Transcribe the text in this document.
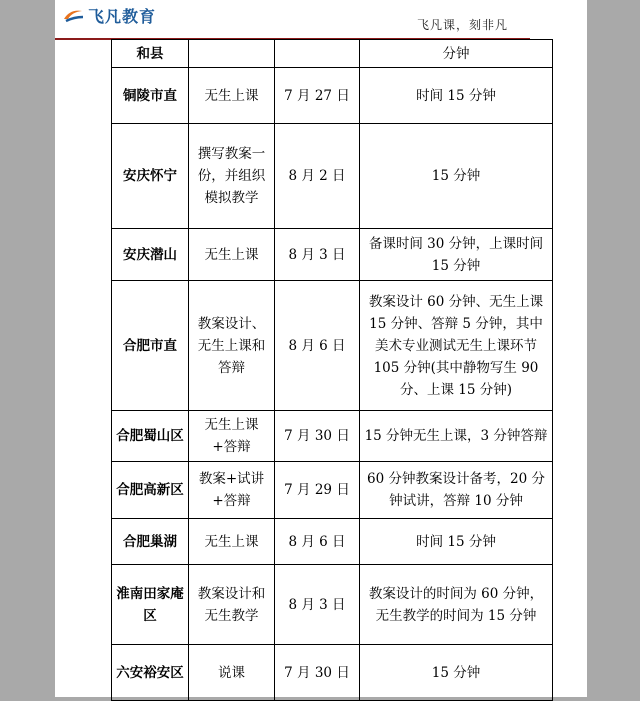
飞凡教育	飞凡课，刻非凡
和县			分钟
铜陵市直	无生上课	7 月 27 日	时间 15 分钟
安庆怀宁	撰写教案一份，并组织模拟教学	8 月 2 日	15 分钟
安庆潜山	无生上课	8 月 3 日	备课时间 30 分钟，上课时间 15 分钟
合肥市直	教案设计、无生上课和答辩	8 月 6 日	教案设计 60 分钟、无生上课 15 分钟、答辩 5 分钟，其中美术专业测试无生上课环节 105 分钟(其中静物写生 90 分、上课 15 分钟)
合肥蜀山区	无生上课+答辩	7 月 30 日	15 分钟无生上课，3 分钟答辩
合肥高新区	教案+试讲+答辩	7 月 29 日	60 分钟教案设计备考，20 分钟试讲，答辩 10 分钟
合肥巢湖	无生上课	8 月 6 日	时间 15 分钟
淮南田家庵区	教案设计和无生教学	8 月 3 日	教案设计的时间为 60 分钟，无生教学的时间为 15 分钟
六安裕安区	说课	7 月 30 日	15 分钟
